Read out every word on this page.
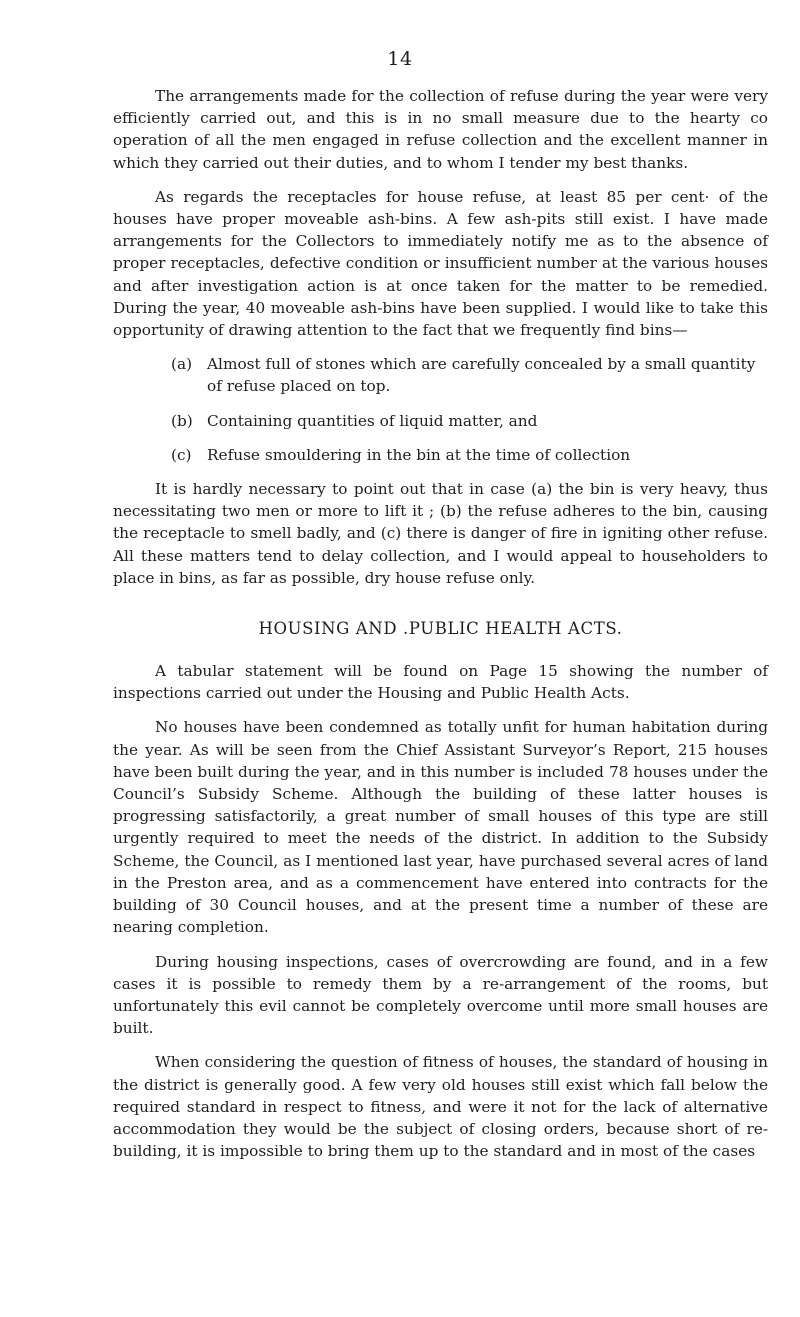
14

The arrangements made for the collection of refuse during the year were very efficiently carried out, and this is in no small measure due to the hearty co operation of all the men engaged in refuse collection and the excellent manner in which they carried out their duties, and to whom I tender my best thanks.

As regards the receptacles for house refuse, at least 85 per cent· of the houses have proper moveable ash-bins. A few ash-pits still exist. I have made arrangements for the Collectors to immediately notify me as to the absence of proper receptacles, defective condition or insufficient number at the various houses and after investigation action is at once taken for the matter to be remedied. During the year, 40 moveable ash-bins have been supplied. I would like to take this opportunity of drawing attention to the fact that we frequently find bins—

(a) Almost full of stones which are carefully concealed by a small quantity of refuse placed on top.
(b) Containing quantities of liquid matter, and
(c)	Refuse smouldering in the bin at the time of collection

It is hardly necessary to point out that in case (a) the bin is very heavy, thus necessitating two men or more to lift it ; (b) the refuse adheres to the bin, causing the receptacle to smell badly, and (c) there is danger of fire in igniting other refuse. All these matters tend to delay collection, and I would appeal to householders to place in bins, as far as possible, dry house refuse only.

HOUSING AND .PUBLIC HEALTH ACTS.

A tabular statement will be found on Page 15 showing the number of inspections carried out under the Housing and Public Health Acts.

No houses have been condemned as totally unfit for human habitation during the year. As will be seen from the Chief Assistant Surveyor’s Report, 215 houses have been built during the year, and in this number is included 78 houses under the Council’s Subsidy Scheme. Although the building of these latter houses is progressing satisfactorily, a great number of small houses of this type are still urgently required to meet the needs of the district. In addition to the Subsidy Scheme, the Council, as I mentioned last year, have purchased several acres of land in the Preston area, and as a commencement have entered into contracts for the building of 30 Council houses, and at the present time a number of these are nearing completion.

During housing inspections, cases of overcrowding are found, and in a few cases it is possible to remedy them by a re-arrangement of the rooms, but unfortunately this evil cannot be completely overcome until more small houses are built.

When considering the question of fitness of houses, the standard of housing in the district is generally good. A few very old houses still exist which fall below the required standard in respect to fitness, and were it not for the lack of alternative accommodation they would be the subject of closing orders, because short of re-building, it is impossible to bring them up to the standard and in most of the cases
